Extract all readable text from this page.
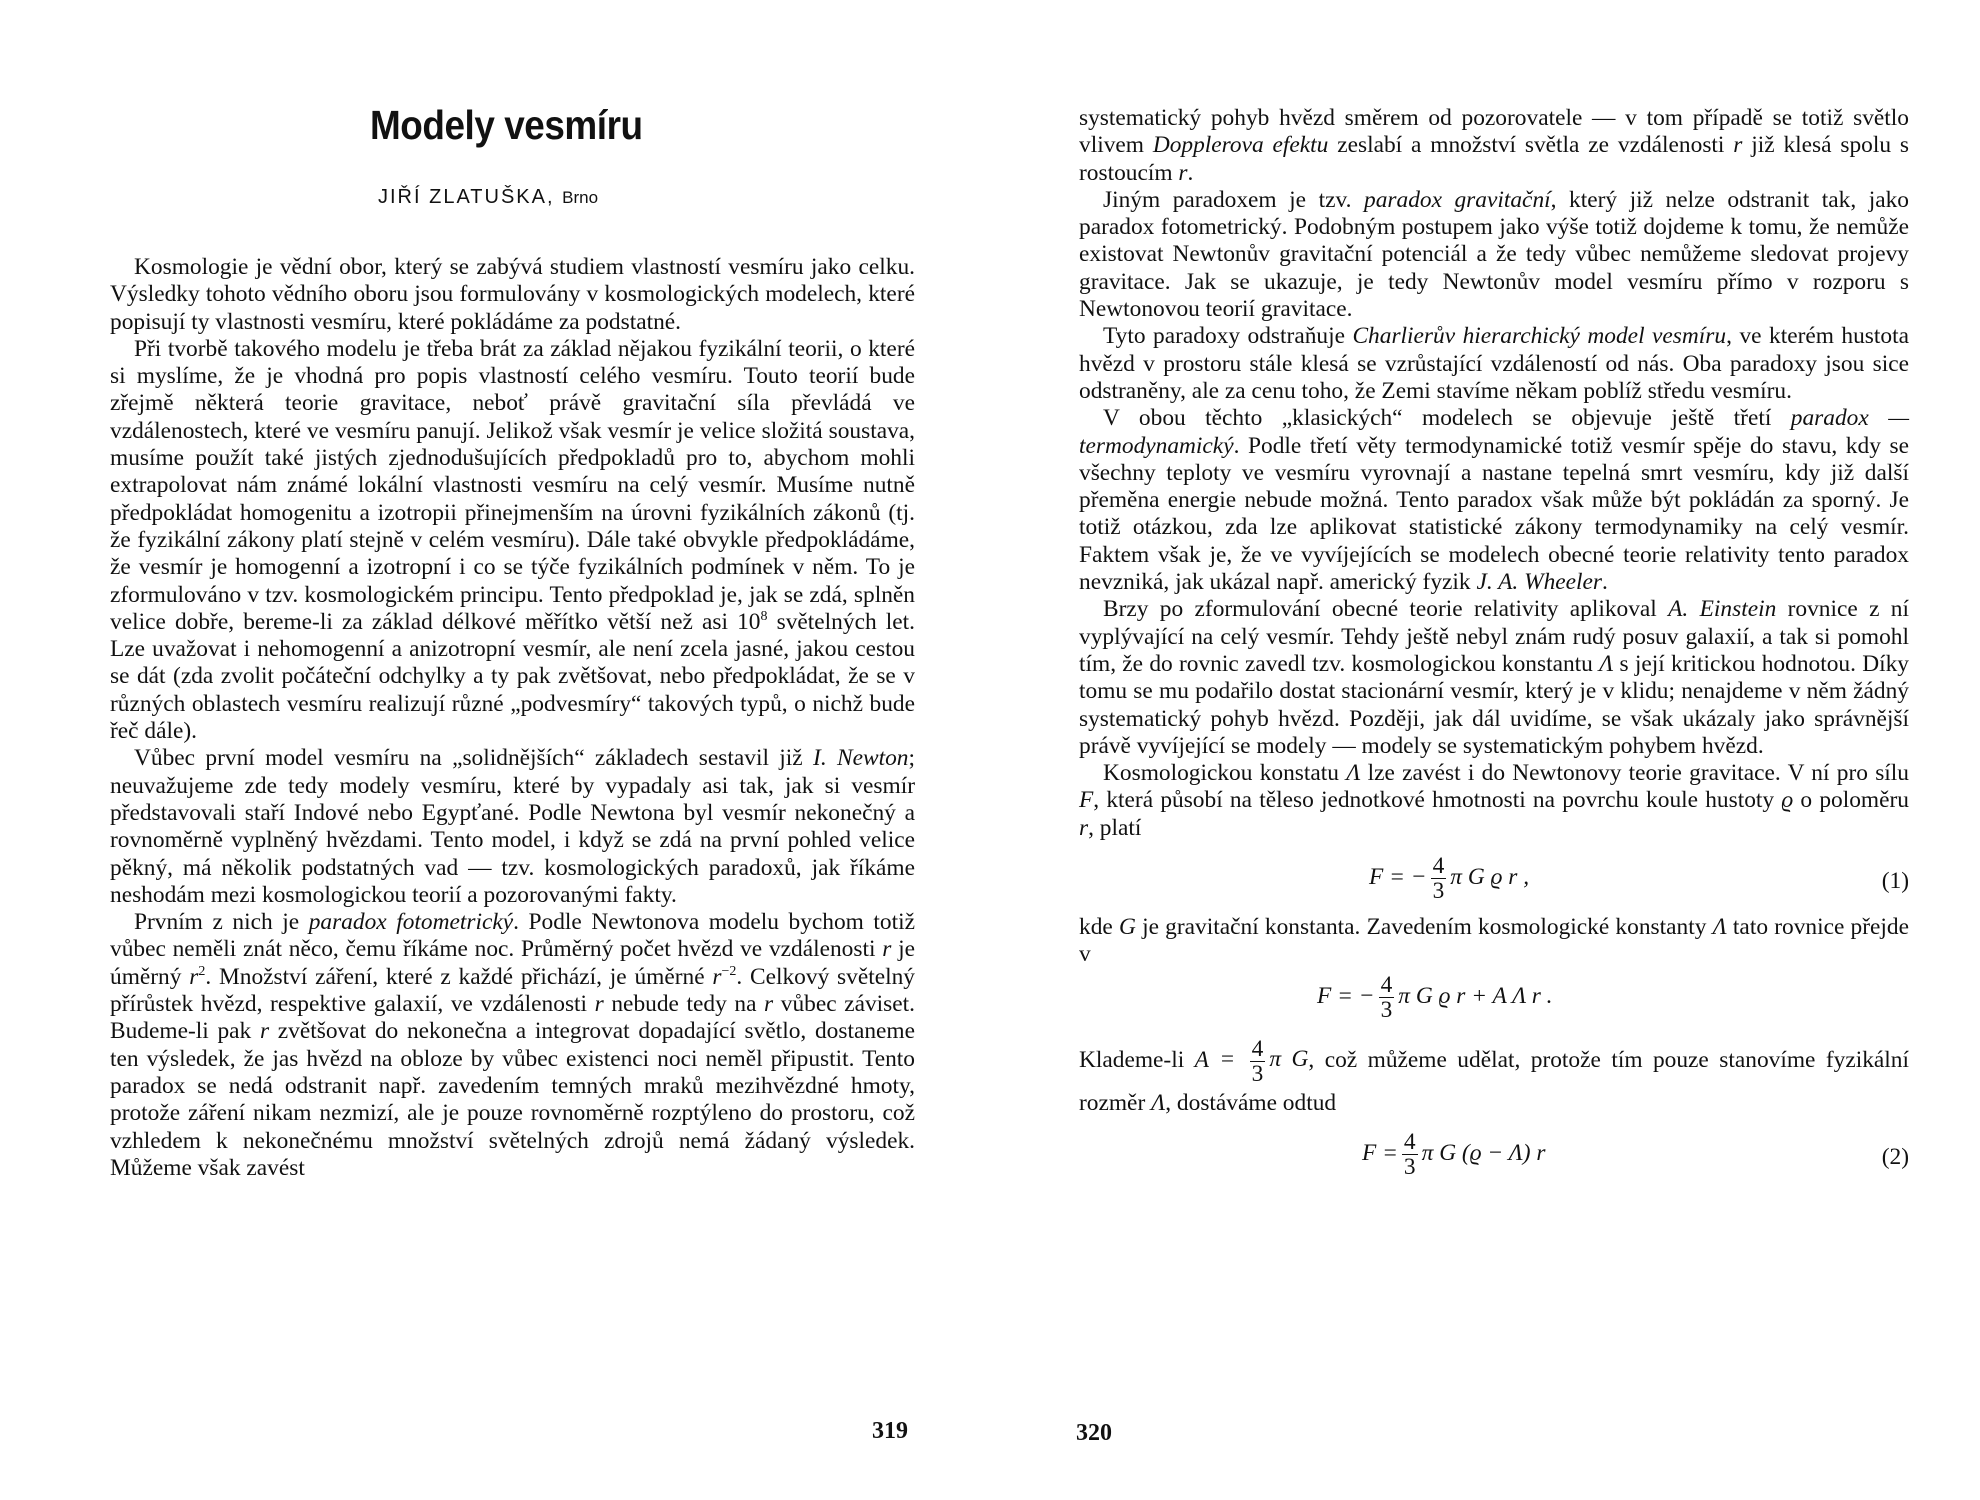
Modely vesmíru
JIŘÍ ZLATUŠKA, Brno

Kosmologie je vědní obor, který se zabývá studiem vlastností vesmíru jako celku. Výsledky tohoto vědního oboru jsou formulovány v kosmologických modelech, které popisují ty vlastnosti vesmíru, které pokládáme za podstatné.

Při tvorbě takového modelu je třeba brát za základ nějakou fyzikální teorii, o které si myslíme, že je vhodná pro popis vlastností celého vesmíru. Touto teorií bude zřejmě některá teorie gravitace, neboť právě gravitační síla převládá ve vzdálenostech, které ve vesmíru panují. Jelikož však vesmír je velice složitá soustava, musíme použít také jistých zjednodušujících předpokladů pro to, abychom mohli extrapolovat nám známé lokální vlastnosti vesmíru na celý vesmír. Musíme nutně předpokládat homogenitu a izotropii přinejmenším na úrovni fyzikálních zákonů (tj. že fyzikální zákony platí stejně v celém vesmíru). Dále také obvykle předpokládáme, že vesmír je homogenní a izotropní i co se týče fyzikálních podmínek v něm. To je zformulováno v tzv. kosmologickém principu. Tento předpoklad je, jak se zdá, splněn velice dobře, bereme-li za základ délkové měřítko větší než asi $10^8$ světelných let. Lze uvažovat i nehomogenní a anizotropní vesmír, ale není zcela jasné, jakou cestou se dát (zda zvolit počáteční odchylky a ty pak zvětšovat, nebo předpokládat, že se v různých oblastech vesmíru realizují různé „podvesmíry“ takových typů, o nichž bude řeč dále).

Vůbec první model vesmíru na „solidnějších“ základech sestavil již I. Newton; neuvažujeme zde tedy modely vesmíru, které by vypadaly asi tak, jak si vesmír představovali staří Indové nebo Egypťané. Podle Newtona byl vesmír nekonečný a rovnoměrně vyplněný hvězdami. Tento model, i když se zdá na první pohled velice pěkný, má několik podstatných vad — tzv. kosmologických paradoxů, jak říkáme neshodám mezi kosmologickou teorií a pozorovanými fakty.

Prvním z nich je paradox fotometrický. Podle Newtonova modelu bychom totiž vůbec neměli znát něco, čemu říkáme noc. Průměrný počet hvězd ve vzdálenosti r je úměrný $r^2$. Množství záření, které z každé přichází, je úměrné $r^{-2}$. Celkový světelný přírůstek hvězd, respektive galaxií, ve vzdálenosti r nebude tedy na r vůbec záviset. Budeme-li pak r zvětšovat do nekonečna a integrovat dopadající světlo, dostaneme ten výsledek, že jas hvězd na obloze by vůbec existenci noci neměl připustit. Tento paradox se nedá odstranit např. zavedením temných mraků mezihvězdné hmoty, protože záření nikam nezmizí, ale je pouze rovnoměrně rozptýleno do prostoru, což vzhledem k nekonečnému množství světelných zdrojů nemá žádaný výsledek. Můžeme však zavést

319

systematický pohyb hvězd směrem od pozorovatele — v tom případě se totiž světlo vlivem Dopplerova efektu zeslabí a množství světla ze vzdálenosti r již klesá spolu s rostoucím r.

Jiným paradoxem je tzv. paradox gravitační, který již nelze odstranit tak, jako paradox fotometrický. Podobným postupem jako výše totiž dojdeme k tomu, že nemůže existovat Newtonův gravitační potenciál a že tedy vůbec nemůžeme sledovat projevy gravitace. Jak se ukazuje, je tedy Newtonův model vesmíru přímo v rozporu s Newtonovou teorií gravitace.

Tyto paradoxy odstraňuje Charlierův hierarchický model vesmíru, ve kterém hustota hvězd v prostoru stále klesá se vzrůstající vzdáleností od nás. Oba paradoxy jsou sice odstraněny, ale za cenu toho, že Zemi stavíme někam poblíž středu vesmíru.

V obou těchto „klasických“ modelech se objevuje ještě třetí paradox — termodynamický. Podle třetí věty termodynamické totiž vesmír spěje do stavu, kdy se všechny teploty ve vesmíru vyrovnají a nastane tepelná smrt vesmíru, kdy již další přeměna energie nebude možná. Tento paradox však může být pokládán za sporný. Je totiž otázkou, zda lze aplikovat statistické zákony termodynamiky na celý vesmír. Faktem však je, že ve vyvíjejících se modelech obecné teorie relativity tento paradox nevzniká, jak ukázal např. americký fyzik J. A. Wheeler.

Brzy po zformulování obecné teorie relativity aplikoval A. Einstein rovnice z ní vyplývající na celý vesmír. Tehdy ještě nebyl znám rudý posuv galaxií, a tak si pomohl tím, že do rovnic zavedl tzv. kosmologickou konstantu Λ s její kritickou hodnotou. Díky tomu se mu podařilo dostat stacionární vesmír, který je v klidu; nenajdeme v něm žádný systematický pohyb hvězd. Později, jak dál uvidíme, se však ukázaly jako správnější právě vyvíjející se modely — modely se systematickým pohybem hvězd.

Kosmologickou konstatu Λ lze zavést i do Newtonovy teorie gravitace. V ní pro sílu F, která působí na těleso jednotkové hmotnosti na povrchu koule hustoty ϱ o poloměru r, platí

F = − $\frac{4}{3}$ π G ϱ r ,	(1)

kde G je gravitační konstanta. Zavedením kosmologické konstanty Λ tato rovnice přejde v

F = − $\frac{4}{3}$ π G ϱ r + A Λ r .

Klademe-li $A = \frac{4}{3}$ π G, což můžeme udělat, protože tím pouze stanovíme fyzikální rozměr Λ, dostáváme odtud

$F = \frac{4}{3}$ π G (ϱ − Λ) r	(2)
320
